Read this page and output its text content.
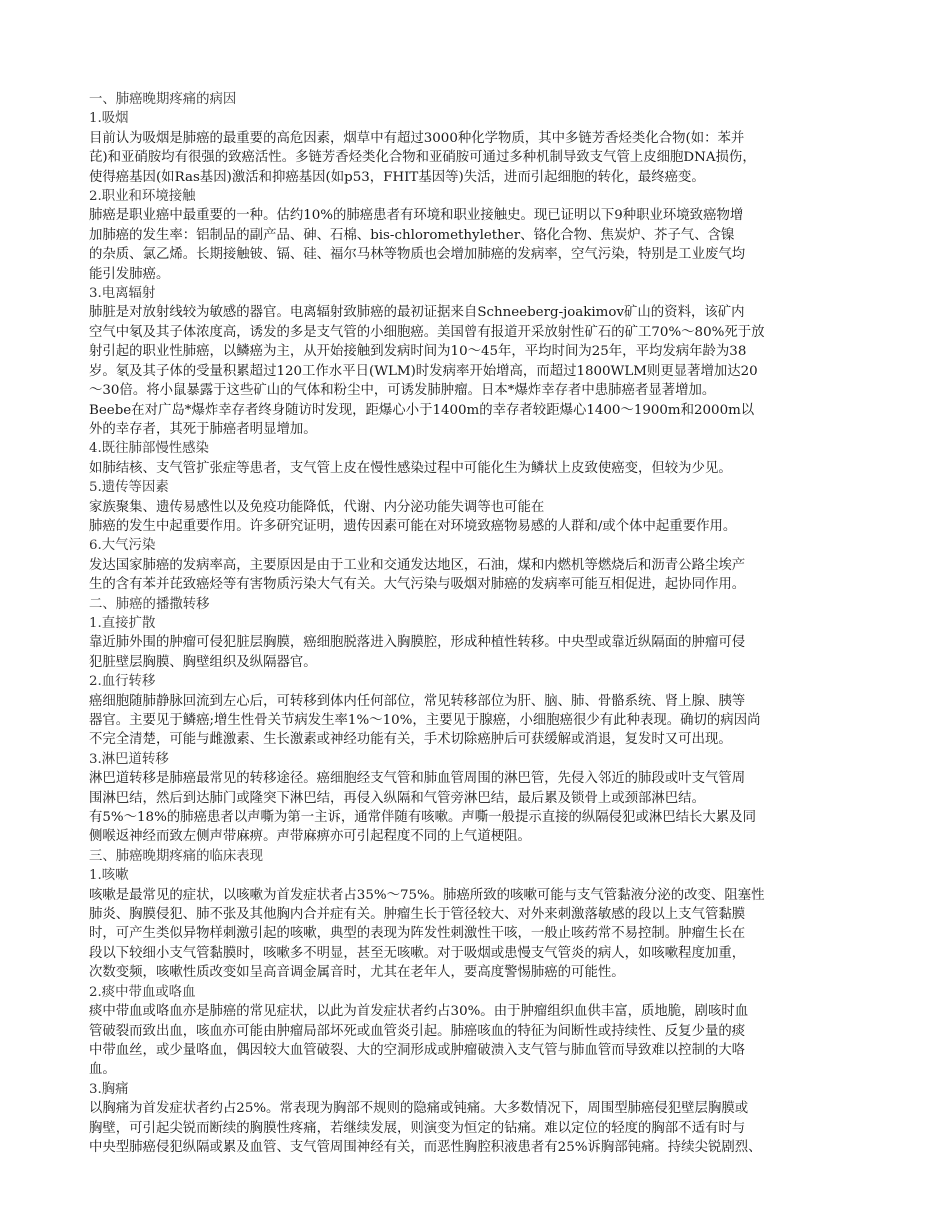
一、肺癌晚期疼痛的病因
1.吸烟
目前认为吸烟是肺癌的最重要的高危因素，烟草中有超过3000种化学物质，其中多链芳香烃类化合物(如：苯并
芘)和亚硝胺均有很强的致癌活性。多链芳香烃类化合物和亚硝胺可通过多种机制导致支气管上皮细胞DNA损伤，
使得癌基因(如Ras基因)激活和抑癌基因(如p53，FHIT基因等)失活，进而引起细胞的转化，最终癌变。
2.职业和环境接触
肺癌是职业癌中最重要的一种。估约10%的肺癌患者有环境和职业接触史。现已证明以下9种职业环境致癌物增
加肺癌的发生率：铝制品的副产品、砷、石棉、bis-chloromethylether、铬化合物、焦炭炉、芥子气、含镍
的杂质、氯乙烯。长期接触铍、镉、硅、福尔马林等物质也会增加肺癌的发病率，空气污染，特别是工业废气均
能引发肺癌。
3.电离辐射
肺脏是对放射线较为敏感的器官。电离辐射致肺癌的最初证据来自Schneeberg-joakimov矿山的资料，该矿内
空气中氡及其子体浓度高，诱发的多是支气管的小细胞癌。美国曾有报道开采放射性矿石的矿工70%～80%死于放
射引起的职业性肺癌，以鳞癌为主，从开始接触到发病时间为10～45年，平均时间为25年，平均发病年龄为38
岁。氡及其子体的受量积累超过120工作水平日(WLM)时发病率开始增高，而超过1800WLM则更显著增加达20
～30倍。将小鼠暴露于这些矿山的气体和粉尘中，可诱发肺肿瘤。日本*爆炸幸存者中患肺癌者显著增加。
Beebe在对广岛*爆炸幸存者终身随访时发现，距爆心小于1400m的幸存者较距爆心1400～1900m和2000m以
外的幸存者，其死于肺癌者明显增加。
4.既往肺部慢性感染
如肺结核、支气管扩张症等患者，支气管上皮在慢性感染过程中可能化生为鳞状上皮致使癌变，但较为少见。
5.遗传等因素
家族聚集、遗传易感性以及免疫功能降低，代谢、内分泌功能失调等也可能在
肺癌的发生中起重要作用。许多研究证明，遗传因素可能在对环境致癌物易感的人群和/或个体中起重要作用。
6.大气污染
发达国家肺癌的发病率高，主要原因是由于工业和交通发达地区，石油，煤和内燃机等燃烧后和沥青公路尘埃产
生的含有苯并芘致癌烃等有害物质污染大气有关。大气污染与吸烟对肺癌的发病率可能互相促进，起协同作用。
二、肺癌的播撒转移
1.直接扩散
靠近肺外围的肿瘤可侵犯脏层胸膜，癌细胞脱落进入胸膜腔，形成种植性转移。中央型或靠近纵隔面的肿瘤可侵
犯脏壁层胸膜、胸壁组织及纵隔器官。
2.血行转移
癌细胞随肺静脉回流到左心后，可转移到体内任何部位，常见转移部位为肝、脑、肺、骨骼系统、肾上腺、胰等
器官。主要见于鳞癌;增生性骨关节病发生率1%～10%，主要见于腺癌，小细胞癌很少有此种表现。确切的病因尚
不完全清楚，可能与雌激素、生长激素或神经功能有关，手术切除癌肿后可获缓解或消退，复发时又可出现。
3.淋巴道转移
淋巴道转移是肺癌最常见的转移途径。癌细胞经支气管和肺血管周围的淋巴管，先侵入邻近的肺段或叶支气管周
围淋巴结，然后到达肺门或隆突下淋巴结，再侵入纵隔和气管旁淋巴结，最后累及锁骨上或颈部淋巴结。
有5%～18%的肺癌患者以声嘶为第一主诉，通常伴随有咳嗽。声嘶一般提示直接的纵隔侵犯或淋巴结长大累及同
侧喉返神经而致左侧声带麻痹。声带麻痹亦可引起程度不同的上气道梗阻。
三、肺癌晚期疼痛的临床表现
1.咳嗽
咳嗽是最常见的症状，以咳嗽为首发症状者占35%～75%。肺癌所致的咳嗽可能与支气管黏液分泌的改变、阻塞性
肺炎、胸膜侵犯、肺不张及其他胸内合并症有关。肿瘤生长于管径较大、对外来刺激落敏感的段以上支气管黏膜
时，可产生类似异物样刺激引起的咳嗽，典型的表现为阵发性刺激性干咳，一般止咳药常不易控制。肿瘤生长在
段以下较细小支气管黏膜时，咳嗽多不明显，甚至无咳嗽。对于吸烟或患慢支气管炎的病人，如咳嗽程度加重，
次数变频，咳嗽性质改变如呈高音调金属音时，尤其在老年人，要高度警惕肺癌的可能性。
2.痰中带血或咯血
痰中带血或咯血亦是肺癌的常见症状，以此为首发症状者约占30%。由于肿瘤组织血供丰富，质地脆，剧咳时血
管破裂而致出血，咳血亦可能由肿瘤局部坏死或血管炎引起。肺癌咳血的特征为间断性或持续性、反复少量的痰
中带血丝，或少量咯血，偶因较大血管破裂、大的空洞形成或肿瘤破溃入支气管与肺血管而导致难以控制的大咯
血。
3.胸痛
以胸痛为首发症状者约占25%。常表现为胸部不规则的隐痛或钝痛。大多数情况下，周围型肺癌侵犯壁层胸膜或
胸壁，可引起尖锐而断续的胸膜性疼痛，若继续发展，则演变为恒定的钻痛。难以定位的轻度的胸部不适有时与
中央型肺癌侵犯纵隔或累及血管、支气管周围神经有关，而恶性胸腔积液患者有25%诉胸部钝痛。持续尖锐剧烈、
